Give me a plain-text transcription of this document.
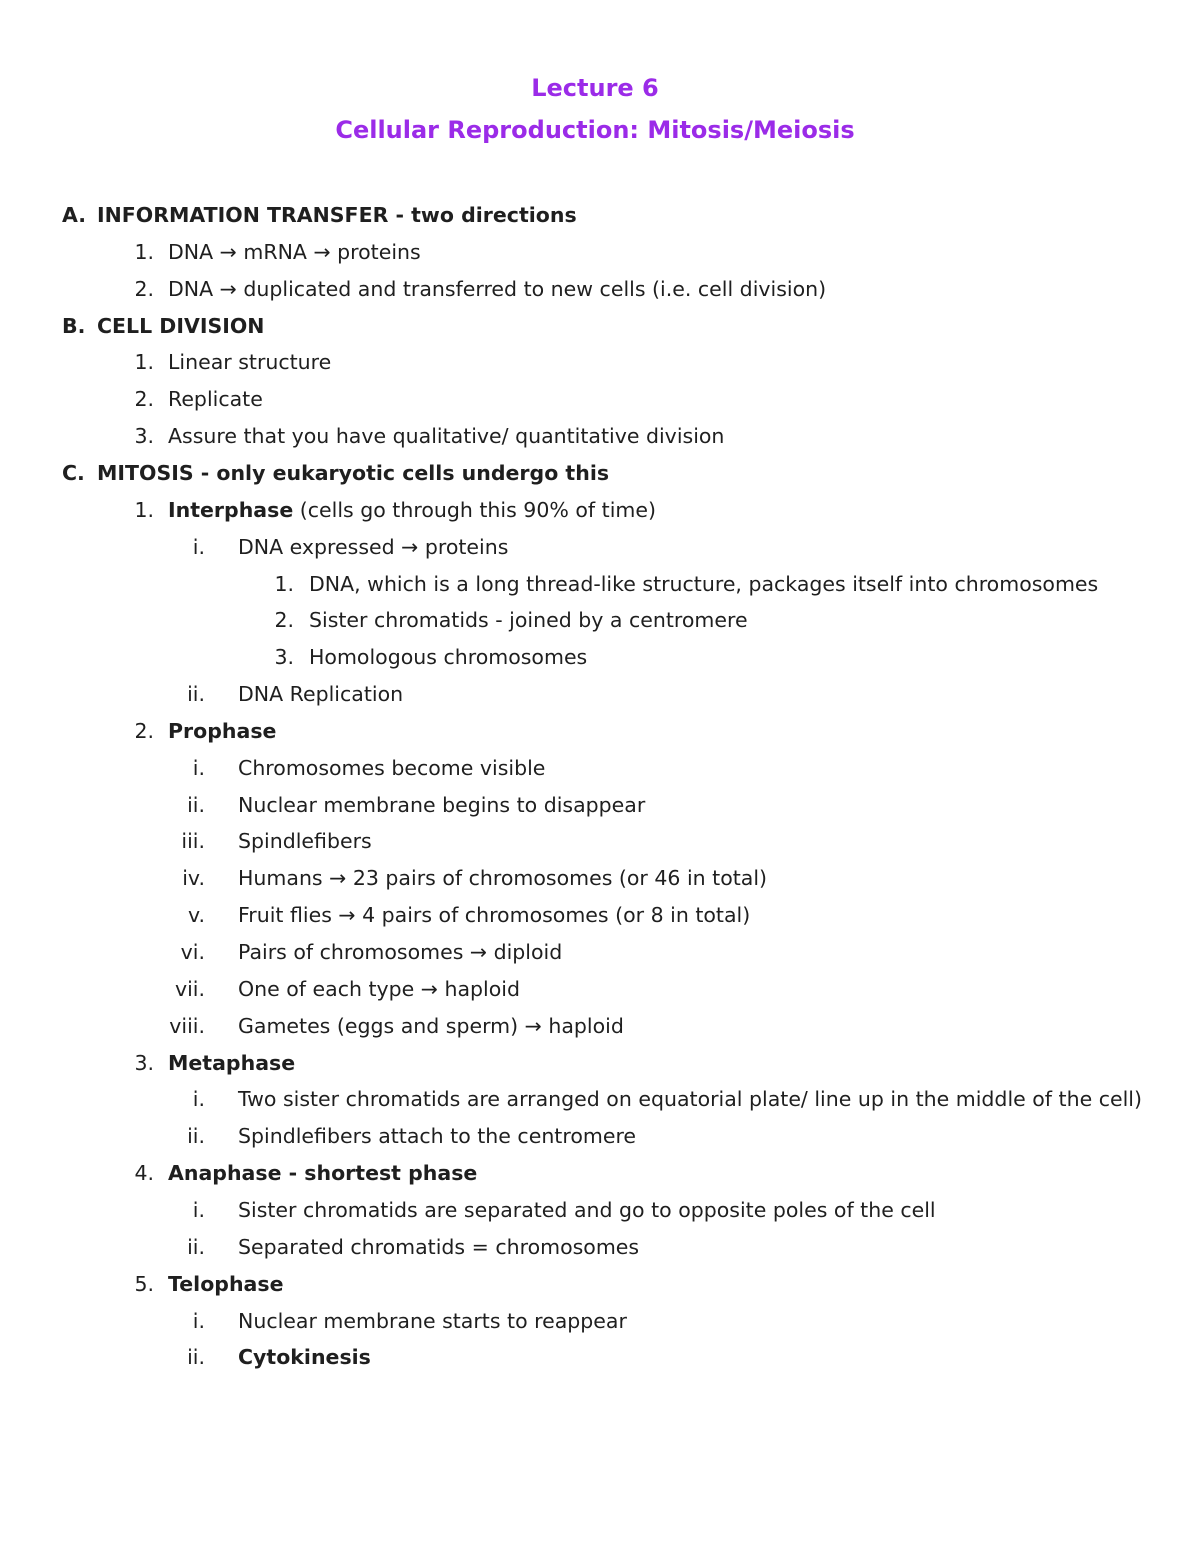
Lecture 6
Cellular Reproduction: Mitosis/Meiosis
A. INFORMATION TRANSFER - two directions
1. DNA → mRNA → proteins
2. DNA → duplicated and transferred to new cells (i.e. cell division)
B. CELL DIVISION
1. Linear structure
2. Replicate
3. Assure that you have qualitative/ quantitative division
C. MITOSIS - only eukaryotic cells undergo this
1. Interphase (cells go through this 90% of time)
i. DNA expressed → proteins
1. DNA, which is a long thread-like structure, packages itself into chromosomes
2. Sister chromatids - joined by a centromere
3. Homologous chromosomes
ii. DNA Replication
2. Prophase
i. Chromosomes become visible
ii. Nuclear membrane begins to disappear
iii. Spindlefibers
iv. Humans → 23 pairs of chromosomes (or 46 in total)
v. Fruit flies → 4 pairs of chromosomes (or 8 in total)
vi. Pairs of chromosomes → diploid
vii. One of each type → haploid
viii. Gametes (eggs and sperm) → haploid
3. Metaphase
i. Two sister chromatids are arranged on equatorial plate/ line up in the middle of the cell)
ii. Spindlefibers attach to the centromere
4. Anaphase - shortest phase
i. Sister chromatids are separated and go to opposite poles of the cell
ii. Separated chromatids = chromosomes
5. Telophase
i. Nuclear membrane starts to reappear
ii. Cytokinesis
